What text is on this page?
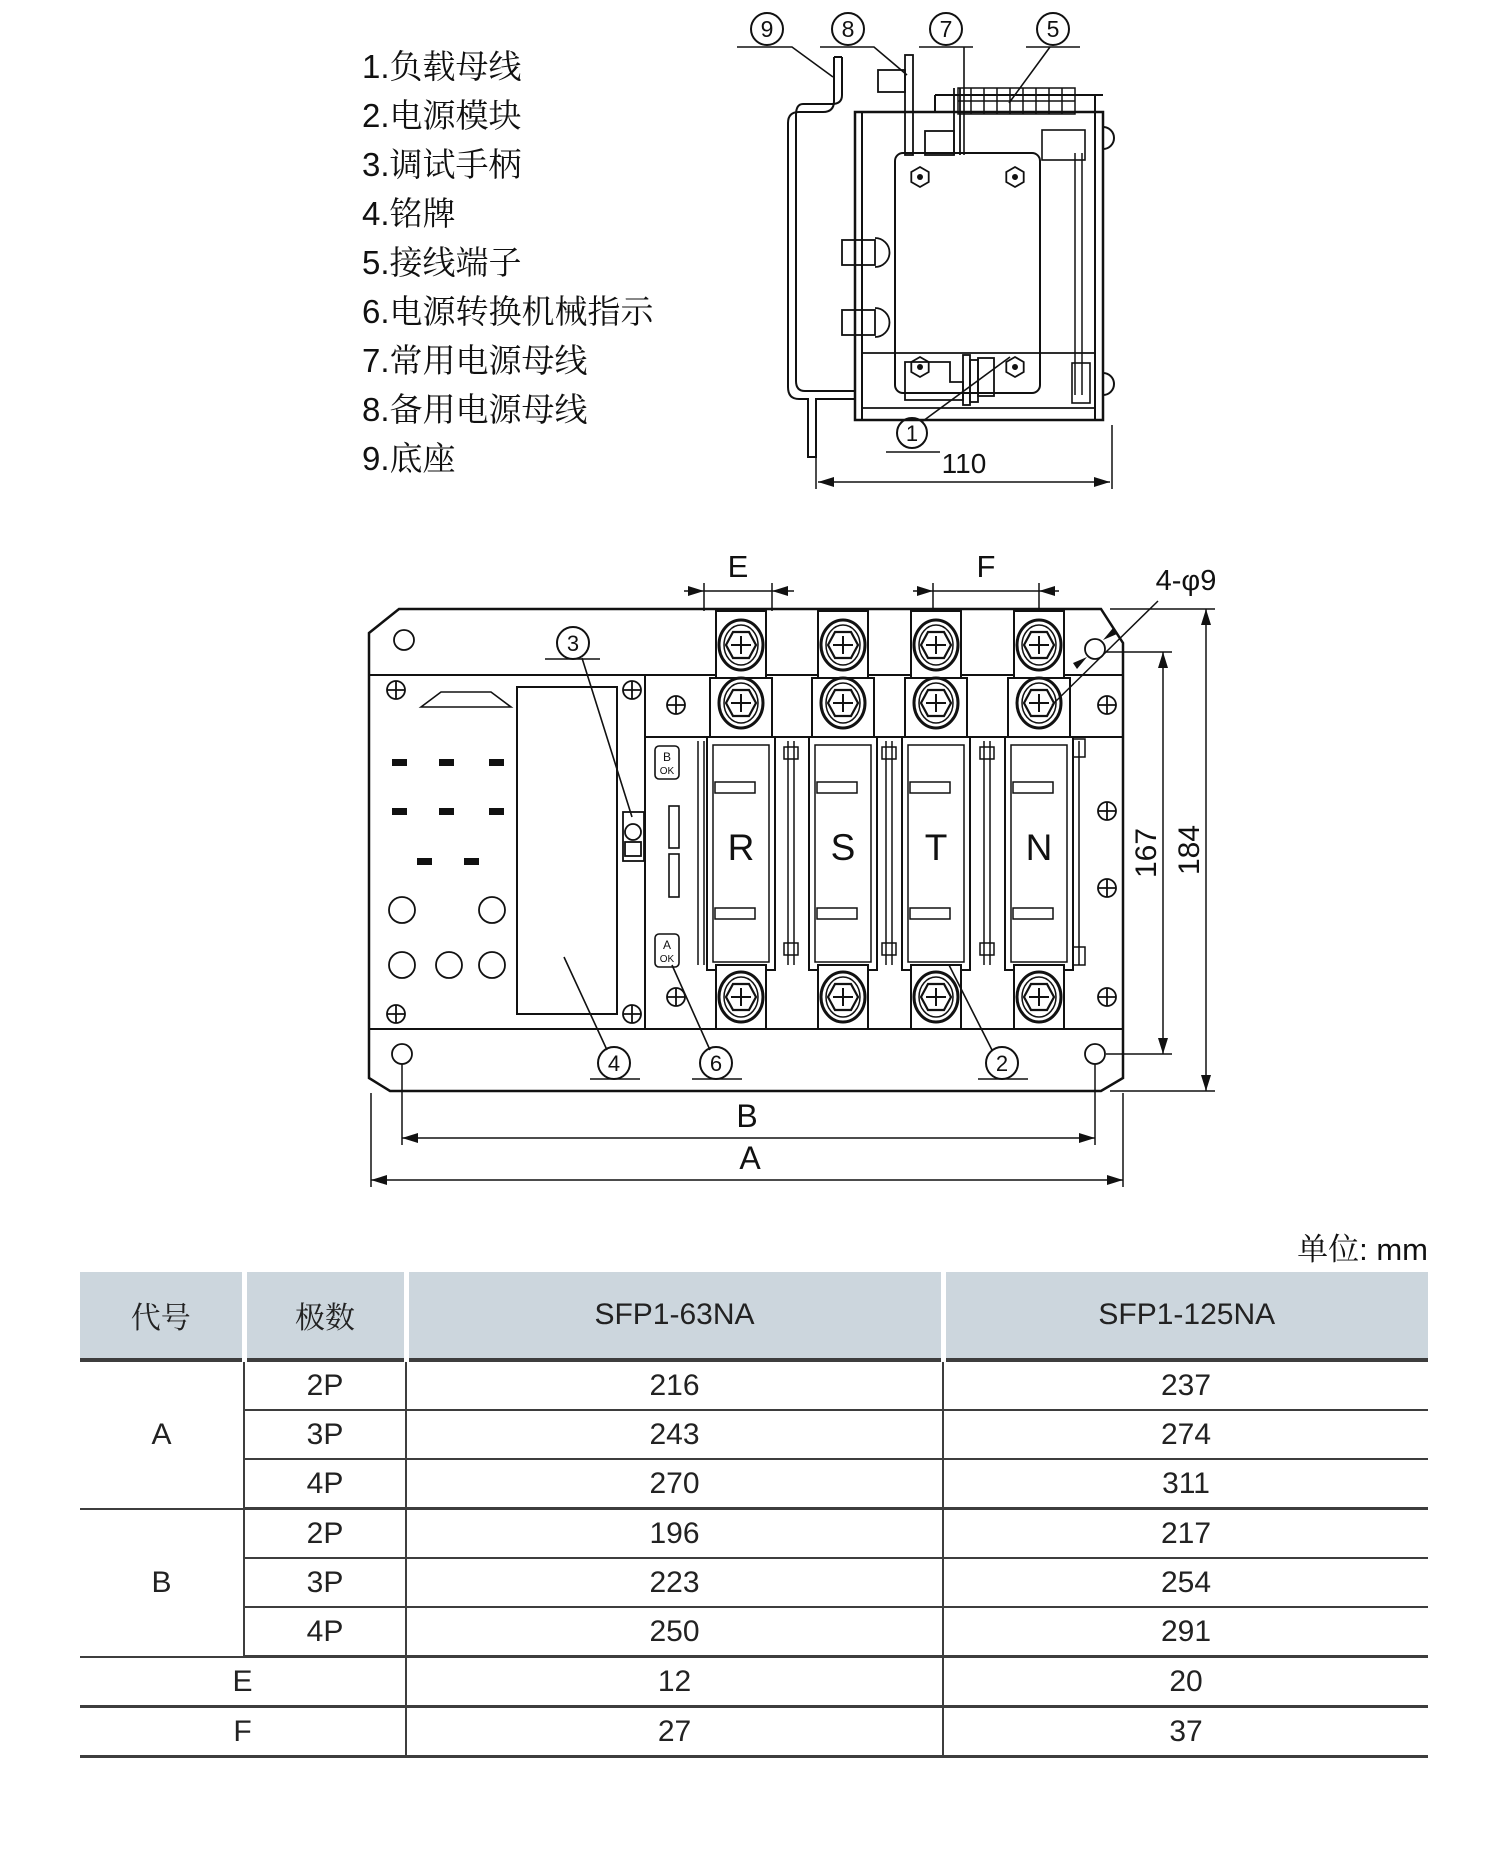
1.负载母线
2.电源模块
3.调试手柄
4.铭牌
5.接线端子
6.电源转换机械指示
7.常用电源母线
8.备用电源母线
9.底座
9	8	7	5
1
110
E	F	4-φ9
R S T N
B
OK
A
OK
167 184
B
A
3
4	6	2
单位: mm
代号	极数	SFP1-63NA	SFP1-125NA
A	2P	216	237
	3P	243	274
	4P	270	311
B	2P	196	217
	3P	223	254
	4P	250	291
E		12	20
F		27	37
